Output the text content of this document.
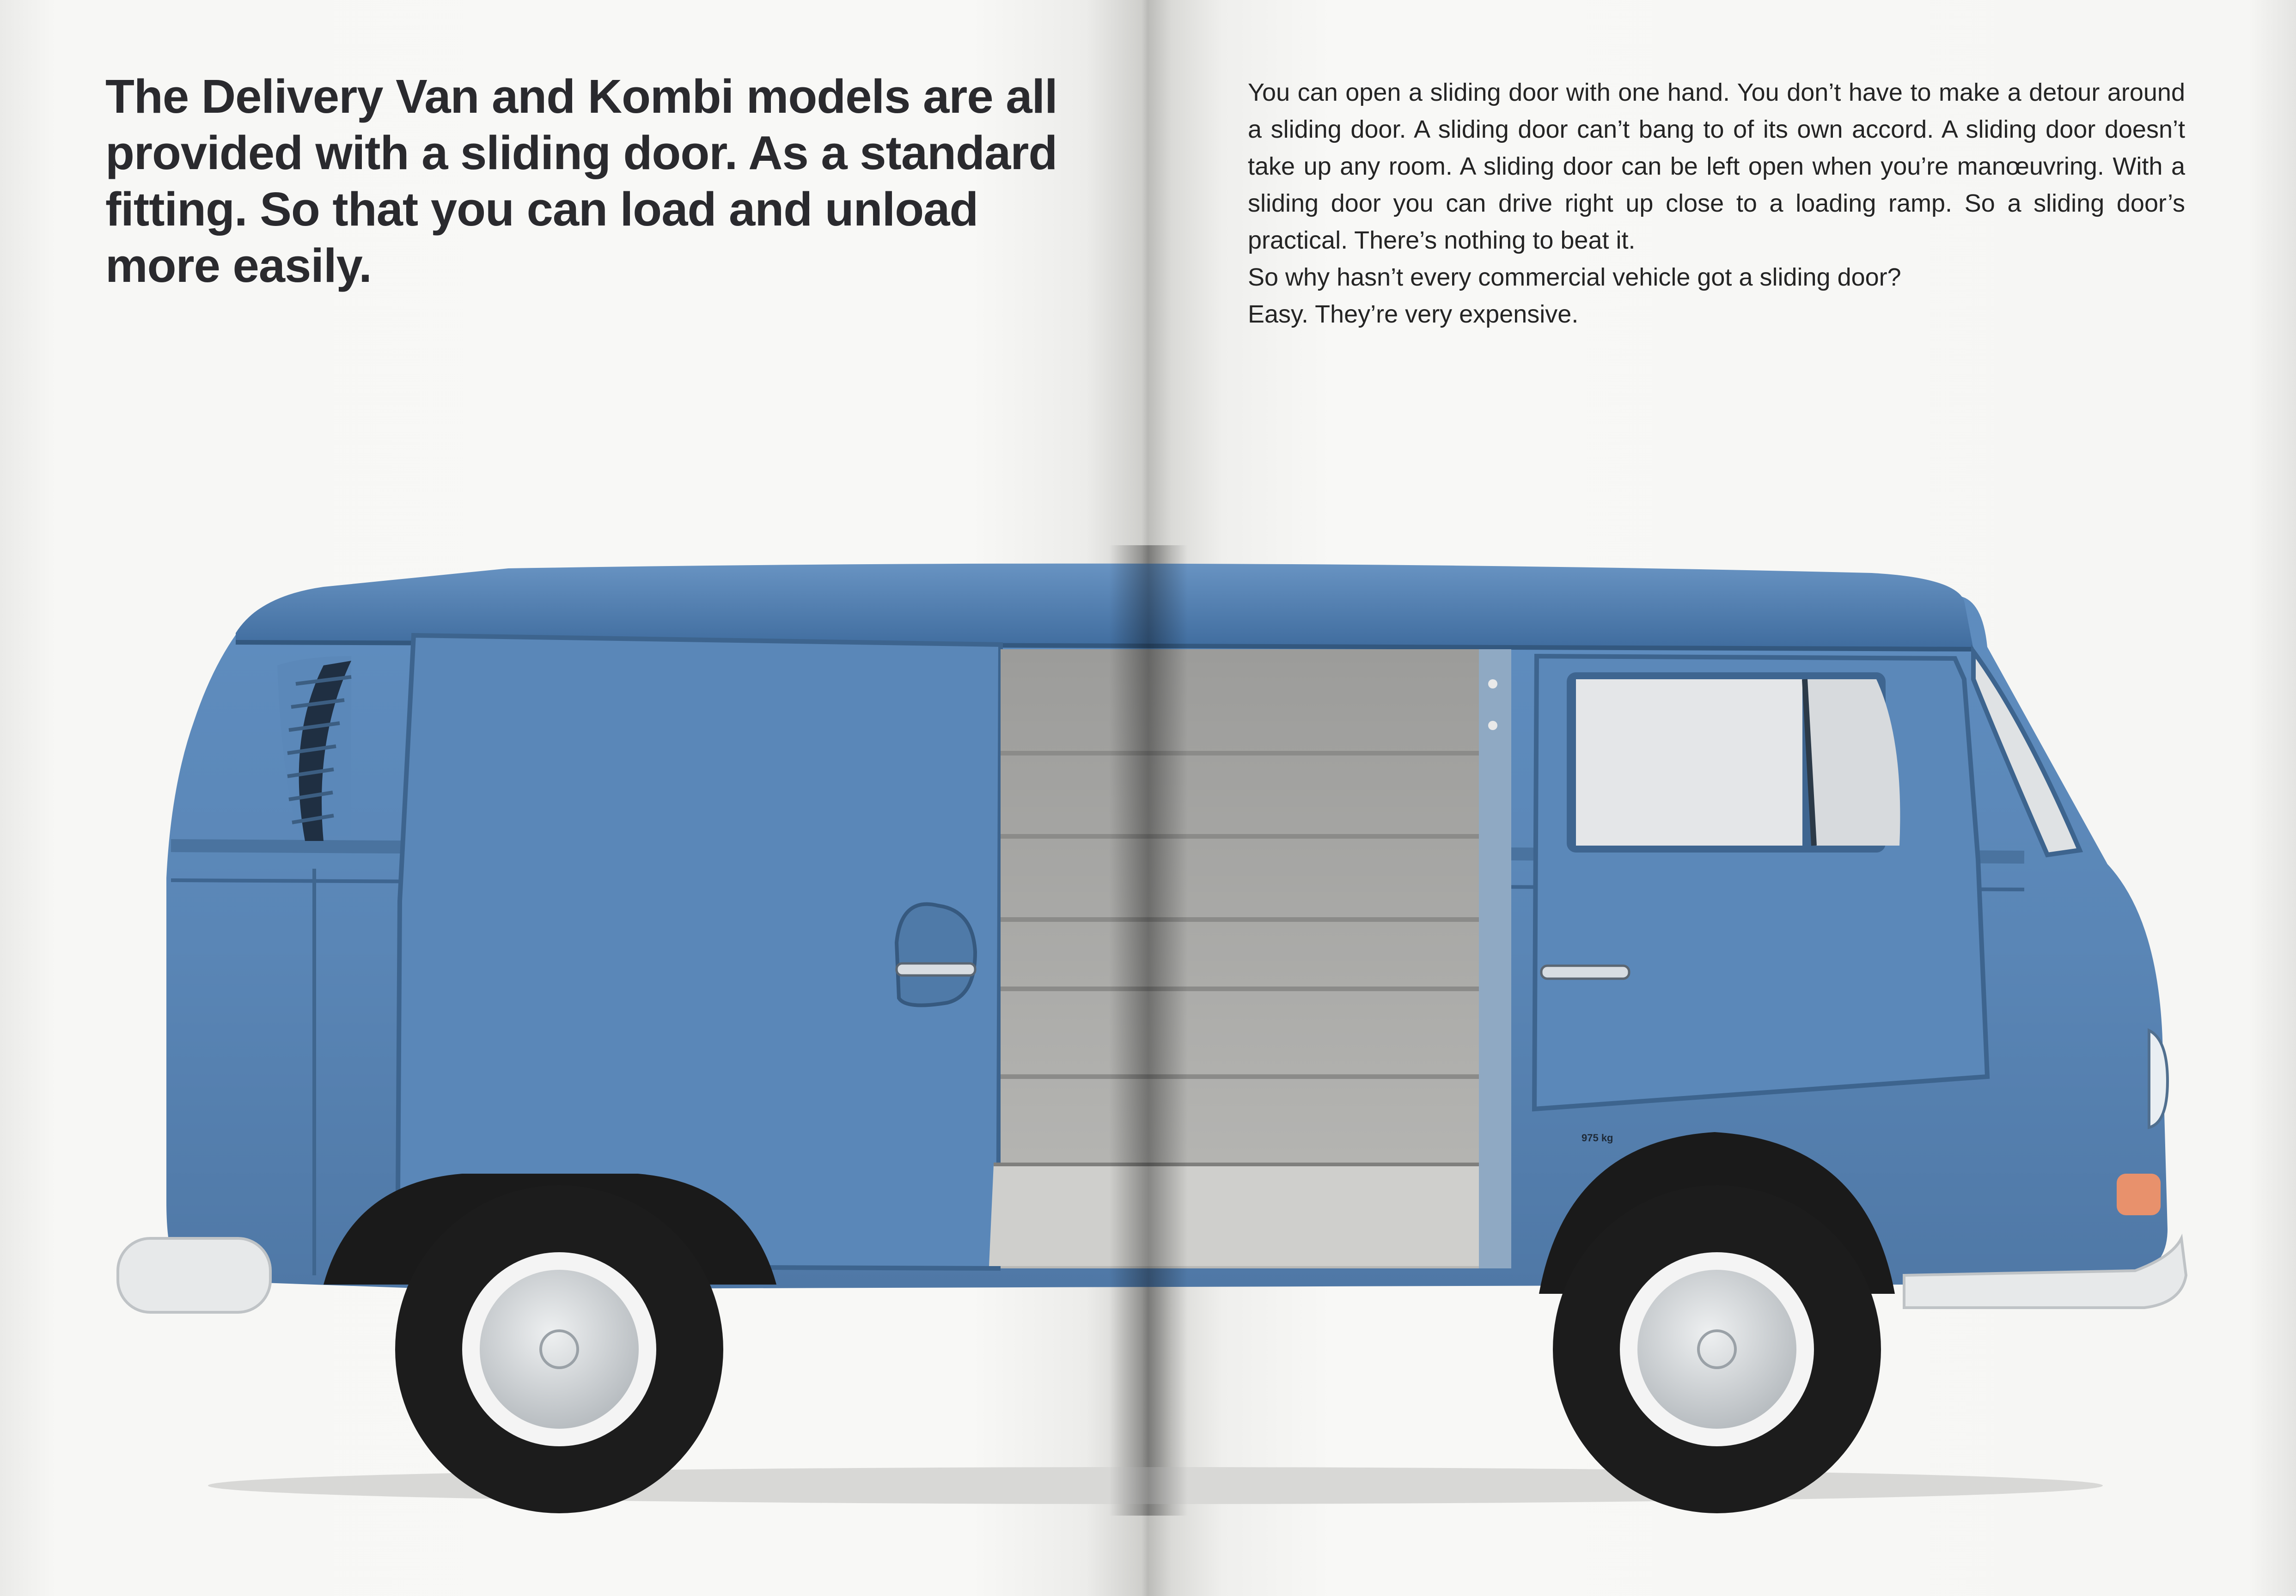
The Delivery Van and Kombi models are all provided with a sliding door. As a standard fitting. So that you can load and unload more easily.

You can open a sliding door with one hand. You don’t have to make a detour around a sliding door. A sliding door can’t bang to of its own accord. A sliding door doesn’t take up any room. A sliding door can be left open when you’re manœuvring. With a sliding door you can drive right up close to a loading ramp. So a sliding door’s practical. There’s nothing to beat it.

So why hasn’t every commercial vehicle got a sliding door?
Easy. They’re very expensive.
975 kg
